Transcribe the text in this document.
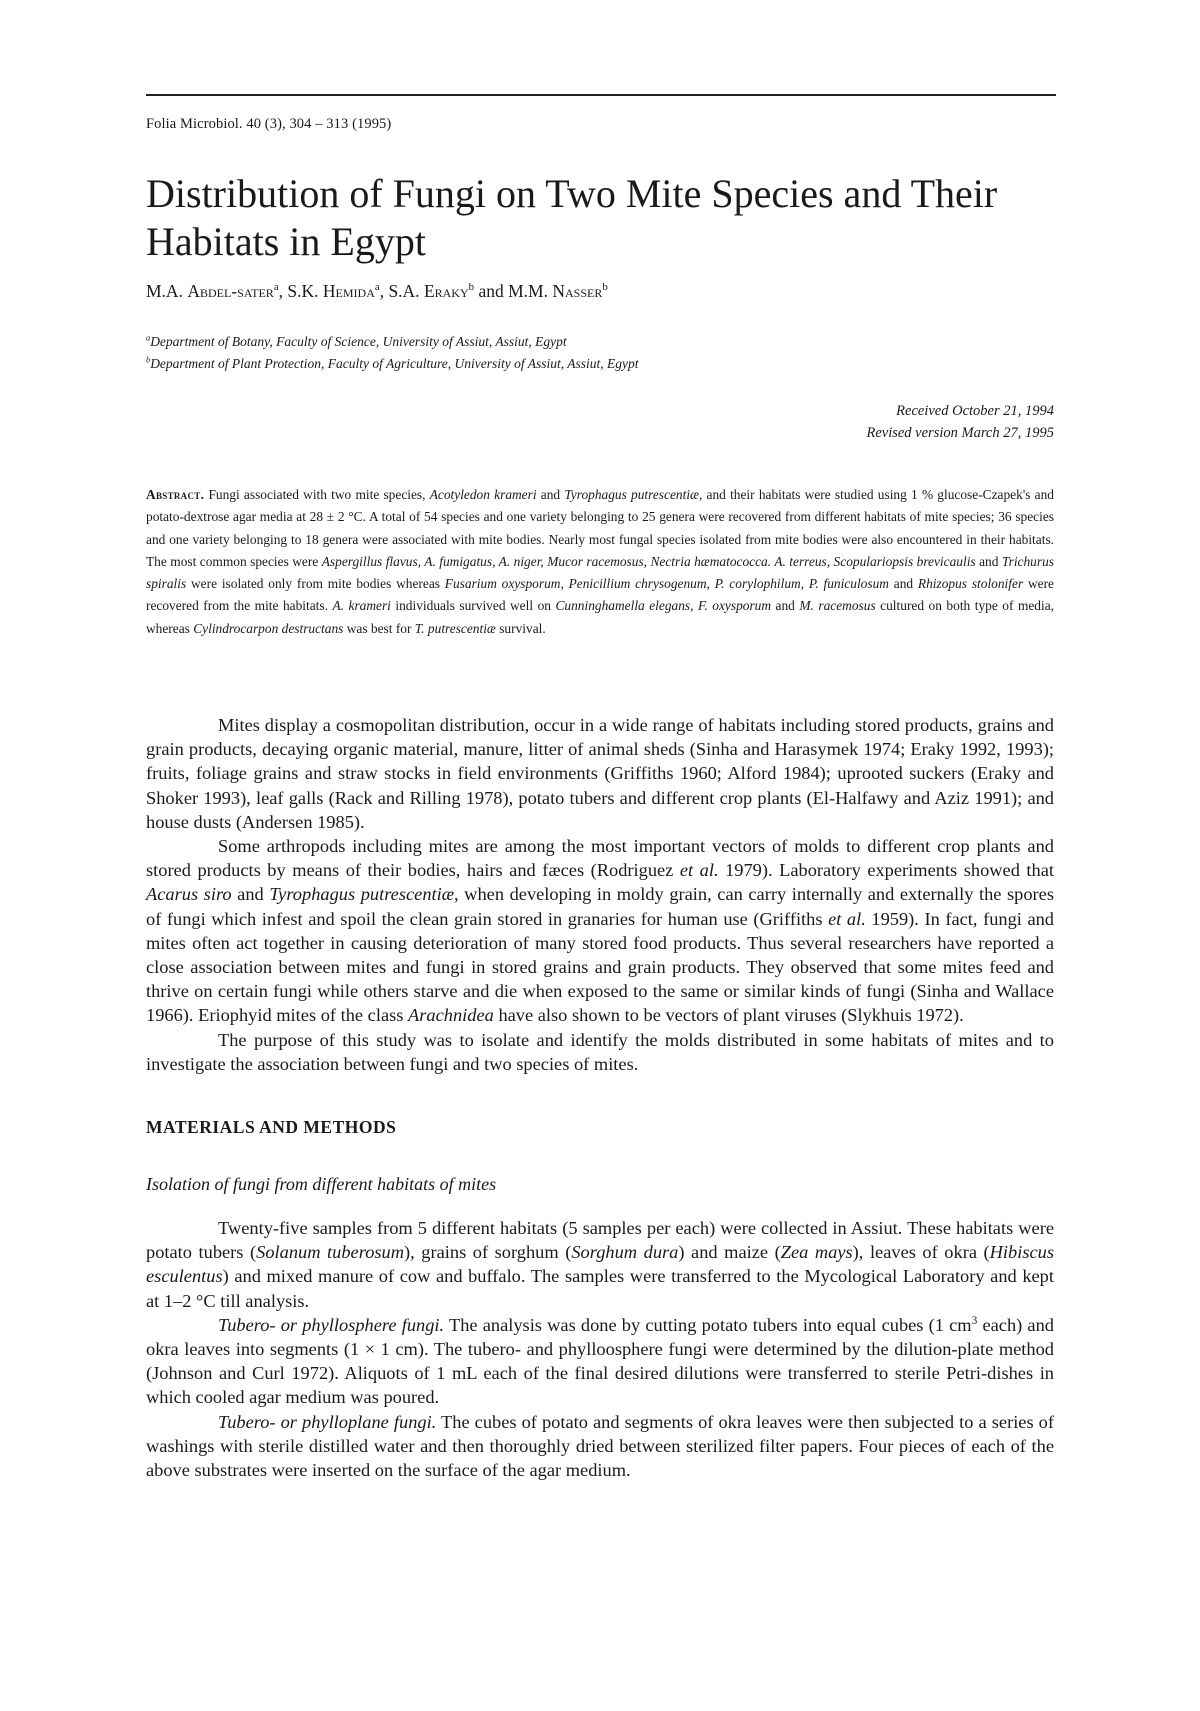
Folia Microbiol. 40 (3), 304 – 313 (1995)
Distribution of Fungi on Two Mite Species and Their Habitats in Egypt
M.A. Abdel-sater$^a$, S.K. Hemida$^a$, S.A. Eraky$^b$ and M.M. Nasser$^b$
$^a$Department of Botany, Faculty of Science, University of Assiut, Assiut, Egypt
$^b$Department of Plant Protection, Faculty of Agriculture, University of Assiut, Assiut, Egypt
Received October 21, 1994
Revised version March 27, 1995
Abstract. Fungi associated with two mite species, Acotyledon krameri and Tyrophagus putrescentiæ, and their habitats were studied using 1 % glucose-Czapek's and potato-dextrose agar media at 28 ± 2 °C. A total of 54 species and one variety belonging to 25 genera were recovered from different habitats of mite species; 36 species and one variety belonging to 18 genera were associated with mite bodies. Nearly most fungal species isolated from mite bodies were also encountered in their habitats. The most common species were Aspergillus flavus, A. fumigatus, A. niger, Mucor racemosus, Nectria hæmatococca. A. terreus, Scopulariopsis brevicaulis and Trichurus spiralis were isolated only from mite bodies whereas Fusarium oxysporum, Penicillium chrysogenum, P. corylophilum, P. funiculosum and Rhizopus stolonifer were recovered from the mite habitats. A. krameri individuals survived well on Cunninghamella elegans, F. oxysporum and M. racemosus cultured on both type of media, whereas Cylindrocarpon destructans was best for T. putrescentiæ survival.

Mites display a cosmopolitan distribution, occur in a wide range of habitats including stored products, grains and grain products, decaying organic material, manure, litter of animal sheds (Sinha and Harasymek 1974; Eraky 1992, 1993); fruits, foliage grains and straw stocks in field environments (Griffiths 1960; Alford 1984); uprooted suckers (Eraky and Shoker 1993), leaf galls (Rack and Rilling 1978), potato tubers and different crop plants (El-Halfawy and Aziz 1991); and house dusts (Andersen 1985).

Some arthropods including mites are among the most important vectors of molds to different crop plants and stored products by means of their bodies, hairs and fæces (Rodriguez et al. 1979). Laboratory experiments showed that Acarus siro and Tyrophagus putrescentiæ, when developing in moldy grain, can carry internally and externally the spores of fungi which infest and spoil the clean grain stored in granaries for human use (Griffiths et al. 1959). In fact, fungi and mites often act together in causing deterioration of many stored food products. Thus several researchers have reported a close association between mites and fungi in stored grains and grain products. They observed that some mites feed and thrive on certain fungi while others starve and die when exposed to the same or similar kinds of fungi (Sinha and Wallace 1966). Eriophyid mites of the class Arachnidea have also shown to be vectors of plant viruses (Slykhuis 1972).

The purpose of this study was to isolate and identify the molds distributed in some habitats of mites and to investigate the association between fungi and two species of mites.

MATERIALS AND METHODS
Isolation of fungi from different habitats of mites

Twenty-five samples from 5 different habitats (5 samples per each) were collected in Assiut. These habitats were potato tubers (Solanum tuberosum), grains of sorghum (Sorghum dura) and maize (Zea mays), leaves of okra (Hibiscus esculentus) and mixed manure of cow and buffalo. The samples were transferred to the Mycological Laboratory and kept at 1–2 °C till analysis.

Tubero- or phyllosphere fungi. The analysis was done by cutting potato tubers into equal cubes (1 $cm^3$ each) and okra leaves into segments (1 × 1 cm). The tubero- and phylloosphere fungi were determined by the dilution-plate method (Johnson and Curl 1972). Aliquots of 1 mL each of the final desired dilutions were transferred to sterile Petri-dishes in which cooled agar medium was poured.

Tubero- or phylloplane fungi. The cubes of potato and segments of okra leaves were then subjected to a series of washings with sterile distilled water and then thoroughly dried between sterilized filter papers. Four pieces of each of the above substrates were inserted on the surface of the agar medium.
